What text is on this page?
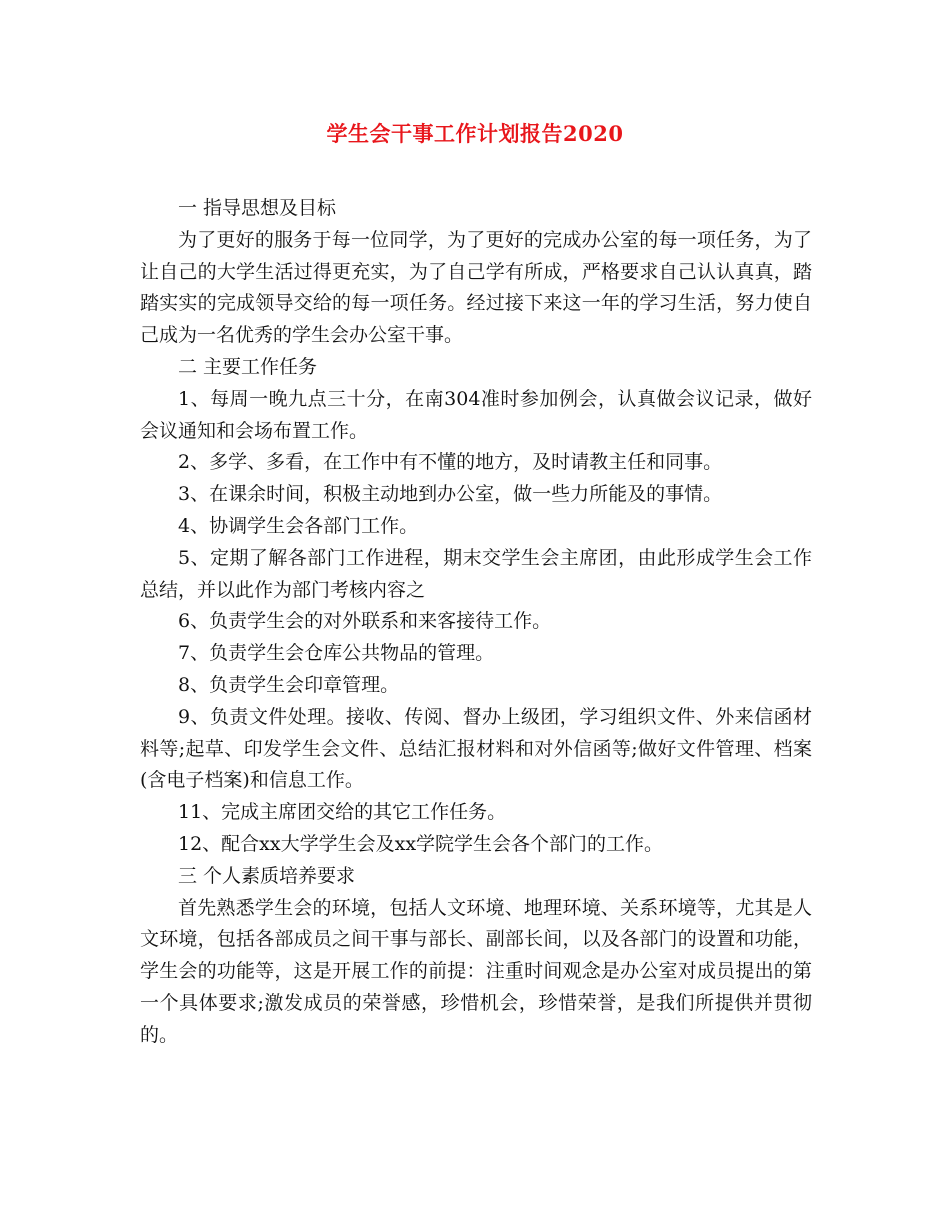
学生会干事工作计划报告2020

一 指导思想及目标

为了更好的服务于每一位同学，为了更好的完成办公室的每一项任务，为了让自己的大学生活过得更充实，为了自己学有所成，严格要求自己认认真真，踏踏实实的完成领导交给的每一项任务。经过接下来这一年的学习生活，努力使自己成为一名优秀的学生会办公室干事。

二 主要工作任务

1、每周一晚九点三十分，在南304准时参加例会，认真做会议记录，做好会议通知和会场布置工作。

2、多学、多看，在工作中有不懂的地方，及时请教主任和同事。

3、在课余时间，积极主动地到办公室，做一些力所能及的事情。

4、协调学生会各部门工作。

5、定期了解各部门工作进程，期末交学生会主席团，由此形成学生会工作总结，并以此作为部门考核内容之

6、负责学生会的对外联系和来客接待工作。

7、负责学生会仓库公共物品的管理。

8、负责学生会印章管理。

9、负责文件处理。接收、传阅、督办上级团，学习组织文件、外来信函材料等;起草、印发学生会文件、总结汇报材料和对外信函等;做好文件管理、档案(含电子档案)和信息工作。

11、完成主席团交给的其它工作任务。

12、配合xx大学学生会及xx学院学生会各个部门的工作。

三 个人素质培养要求

首先熟悉学生会的环境，包括人文环境、地理环境、关系环境等，尤其是人文环境，包括各部成员之间干事与部长、副部长间，以及各部门的设置和功能，学生会的功能等，这是开展工作的前提：注重时间观念是办公室对成员提出的第一个具体要求;激发成员的荣誉感，珍惜机会，珍惜荣誉，是我们所提供并贯彻的。
